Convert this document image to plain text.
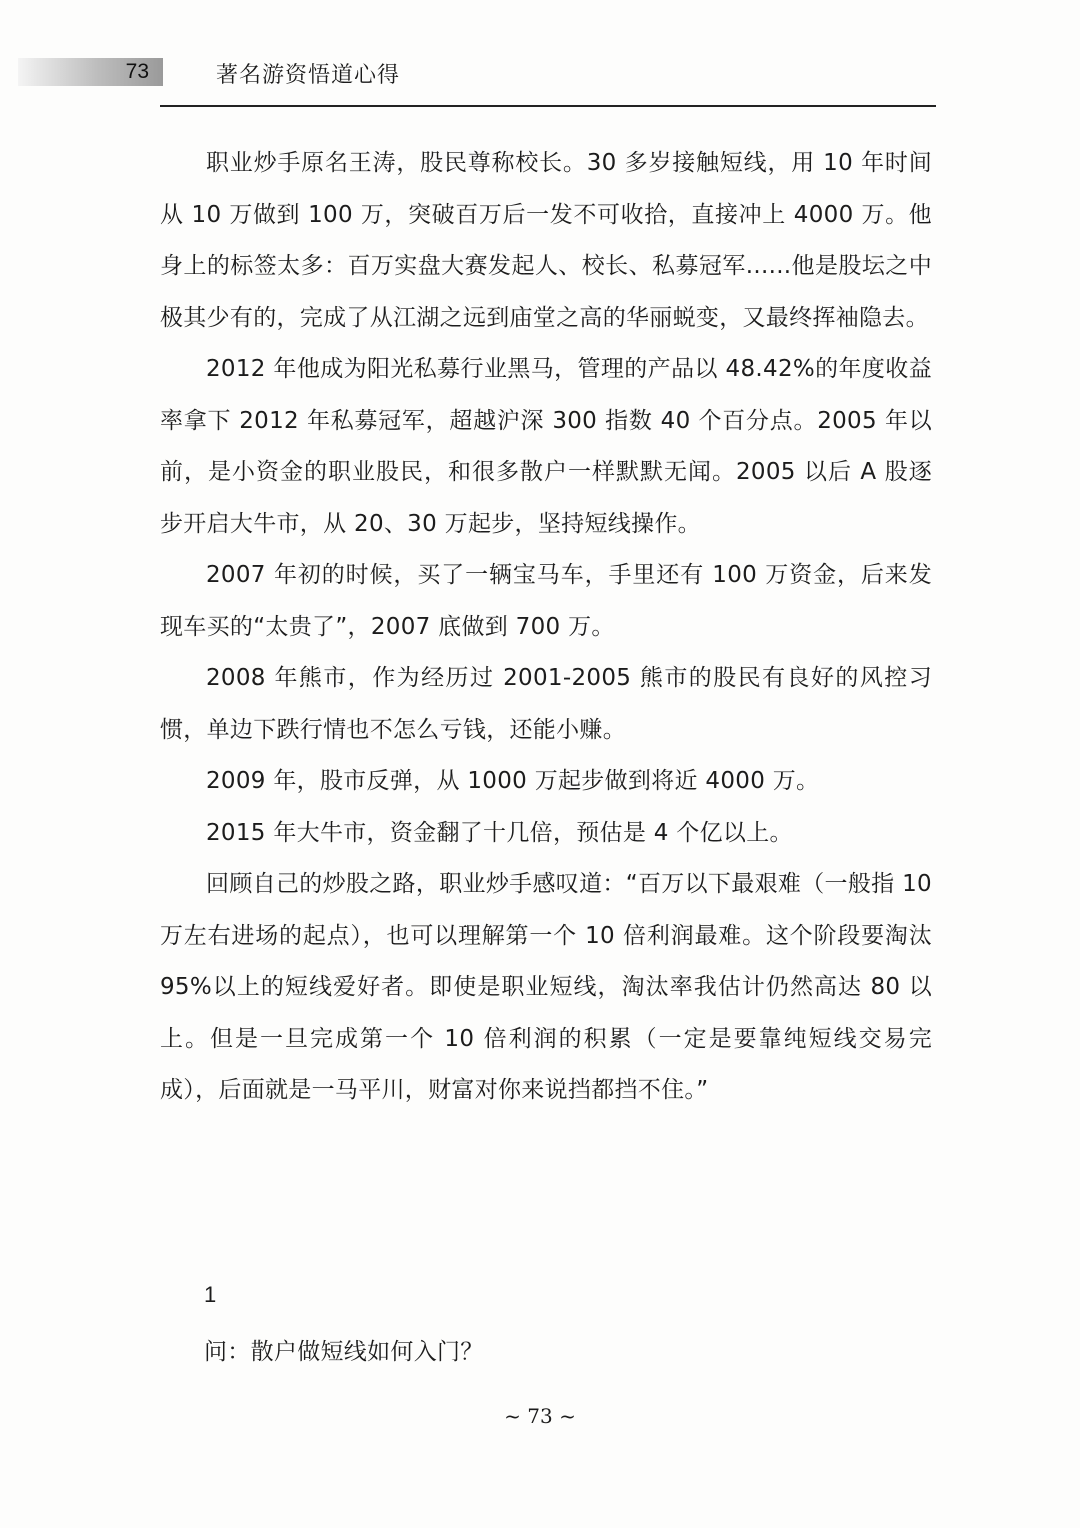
73	著名游资悟道心得

职业炒手原名王涛，股民尊称校长。30 多岁接触短线，用 10 年时间从 10 万做到 100 万，突破百万后一发不可收拾，直接冲上 4000 万。他身上的标签太多：百万实盘大赛发起人、校长、私募冠军......他是股坛之中极其少有的，完成了从江湖之远到庙堂之高的华丽蜕变，又最终挥袖隐去。

2012 年他成为阳光私募行业黑马，管理的产品以 48.42%的年度收益率拿下 2012 年私募冠军，超越沪深 300 指数 40 个百分点。2005 年以前，是小资金的职业股民，和很多散户一样默默无闻。2005 以后 A 股逐步开启大牛市，从 20、30 万起步，坚持短线操作。

2007 年初的时候，买了一辆宝马车，手里还有 100 万资金，后来发现车买的“太贵了”，2007 底做到 700 万。

2008 年熊市，作为经历过 2001-2005 熊市的股民有良好的风控习惯，单边下跌行情也不怎么亏钱，还能小赚。

2009 年，股市反弹，从 1000 万起步做到将近 4000 万。

2015 年大牛市，资金翻了十几倍，预估是 4 个亿以上。

回顾自己的炒股之路，职业炒手感叹道：“百万以下最艰难（一般指 10 万左右进场的起点），也可以理解第一个 10 倍利润最难。这个阶段要淘汰 95%以上的短线爱好者。即使是职业短线，淘汰率我估计仍然高达 80 以上。但是一旦完成第一个 10 倍利润的积累（一定是要靠纯短线交易完成），后面就是一马平川，财富对你来说挡都挡不住。”

1
问：散户做短线如何入门？
~ 73 ~
